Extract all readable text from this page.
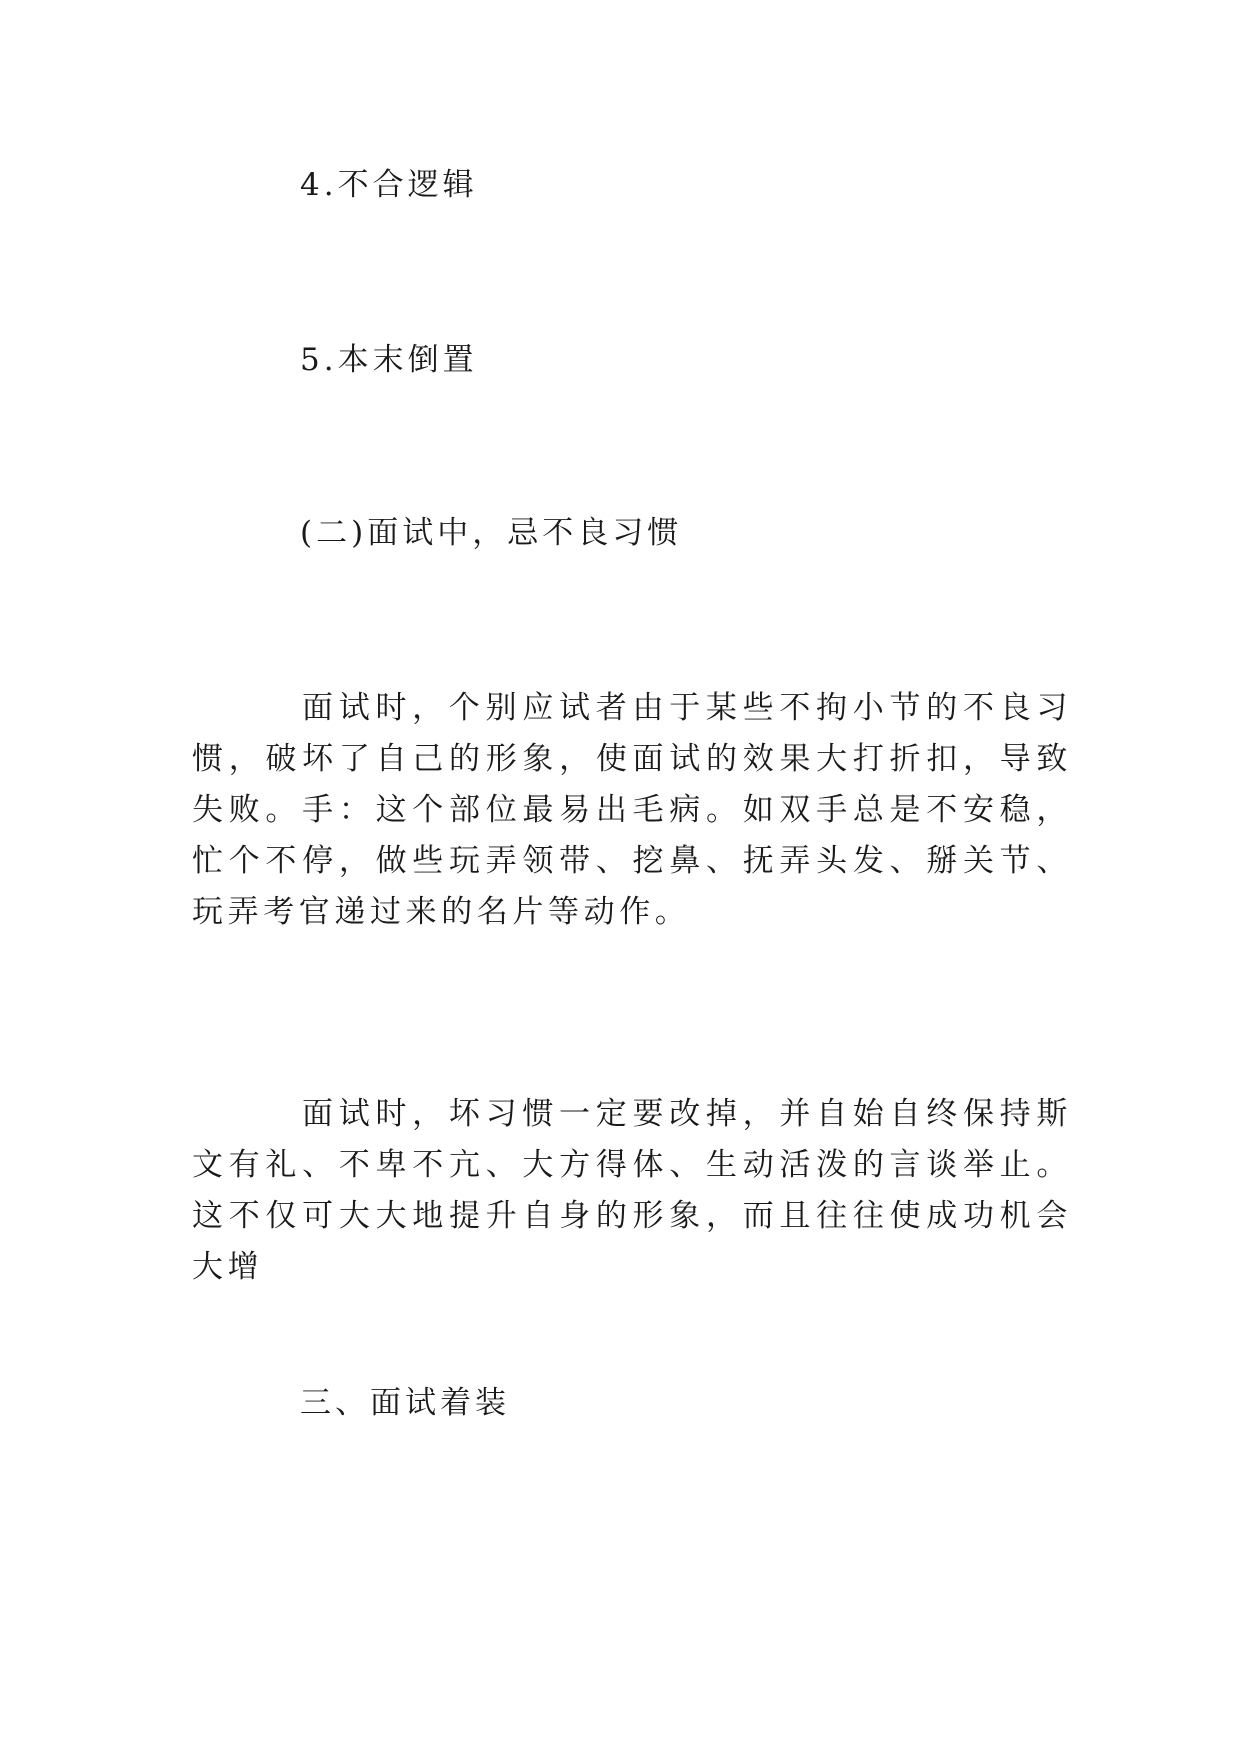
4.不合逻辑
5.本末倒置
(二)面试中，忌不良习惯
面试时，个别应试者由于某些不拘小节的不良习惯，破坏了自己的形象，使面试的效果大打折扣，导致失败。手：这个部位最易出毛病。如双手总是不安稳，忙个不停，做些玩弄领带、挖鼻、抚弄头发、掰关节、玩弄考官递过来的名片等动作。
面试时，坏习惯一定要改掉，并自始自终保持斯文有礼、不卑不亢、大方得体、生动活泼的言谈举止。这不仅可大大地提升自身的形象，而且往往使成功机会大增
三、面试着装
